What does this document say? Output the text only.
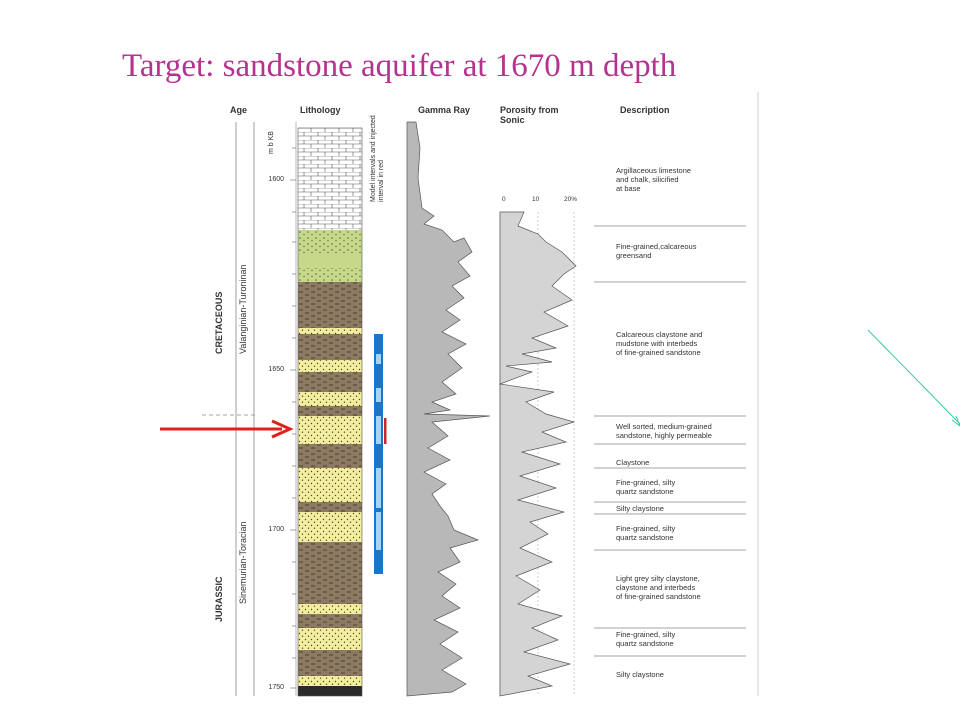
Target: sandstone aquifer at 1670 m depth
Age	Lithology	Gamma Ray	Porosity from Sonic
Description
Model intervals and injected interval in red
m b KB
CRETACEOUS Valanginian-Turoninan
JURASSIC Sinemurian-Toracian
1600
1650
1700
1750
0	10	20%
Argillaceous limestone
and chalk, silicified
at base
Fine-grained,calcareous
greensand
Calcareous claystone and
mudstone with interbeds
of fine-grained sandstone
Well sorted, medium-grained
sandstone, highly permeable
Claystone
Fine-grained, silty
quartz sandstone
Silty claystone
Fine-grained, silty
quartz sandstone
Light grey silty claystone,
claystone and interbeds
of fine-grained sandstone
Fine-grained, silty
quartz sandstone
Silty claystone
